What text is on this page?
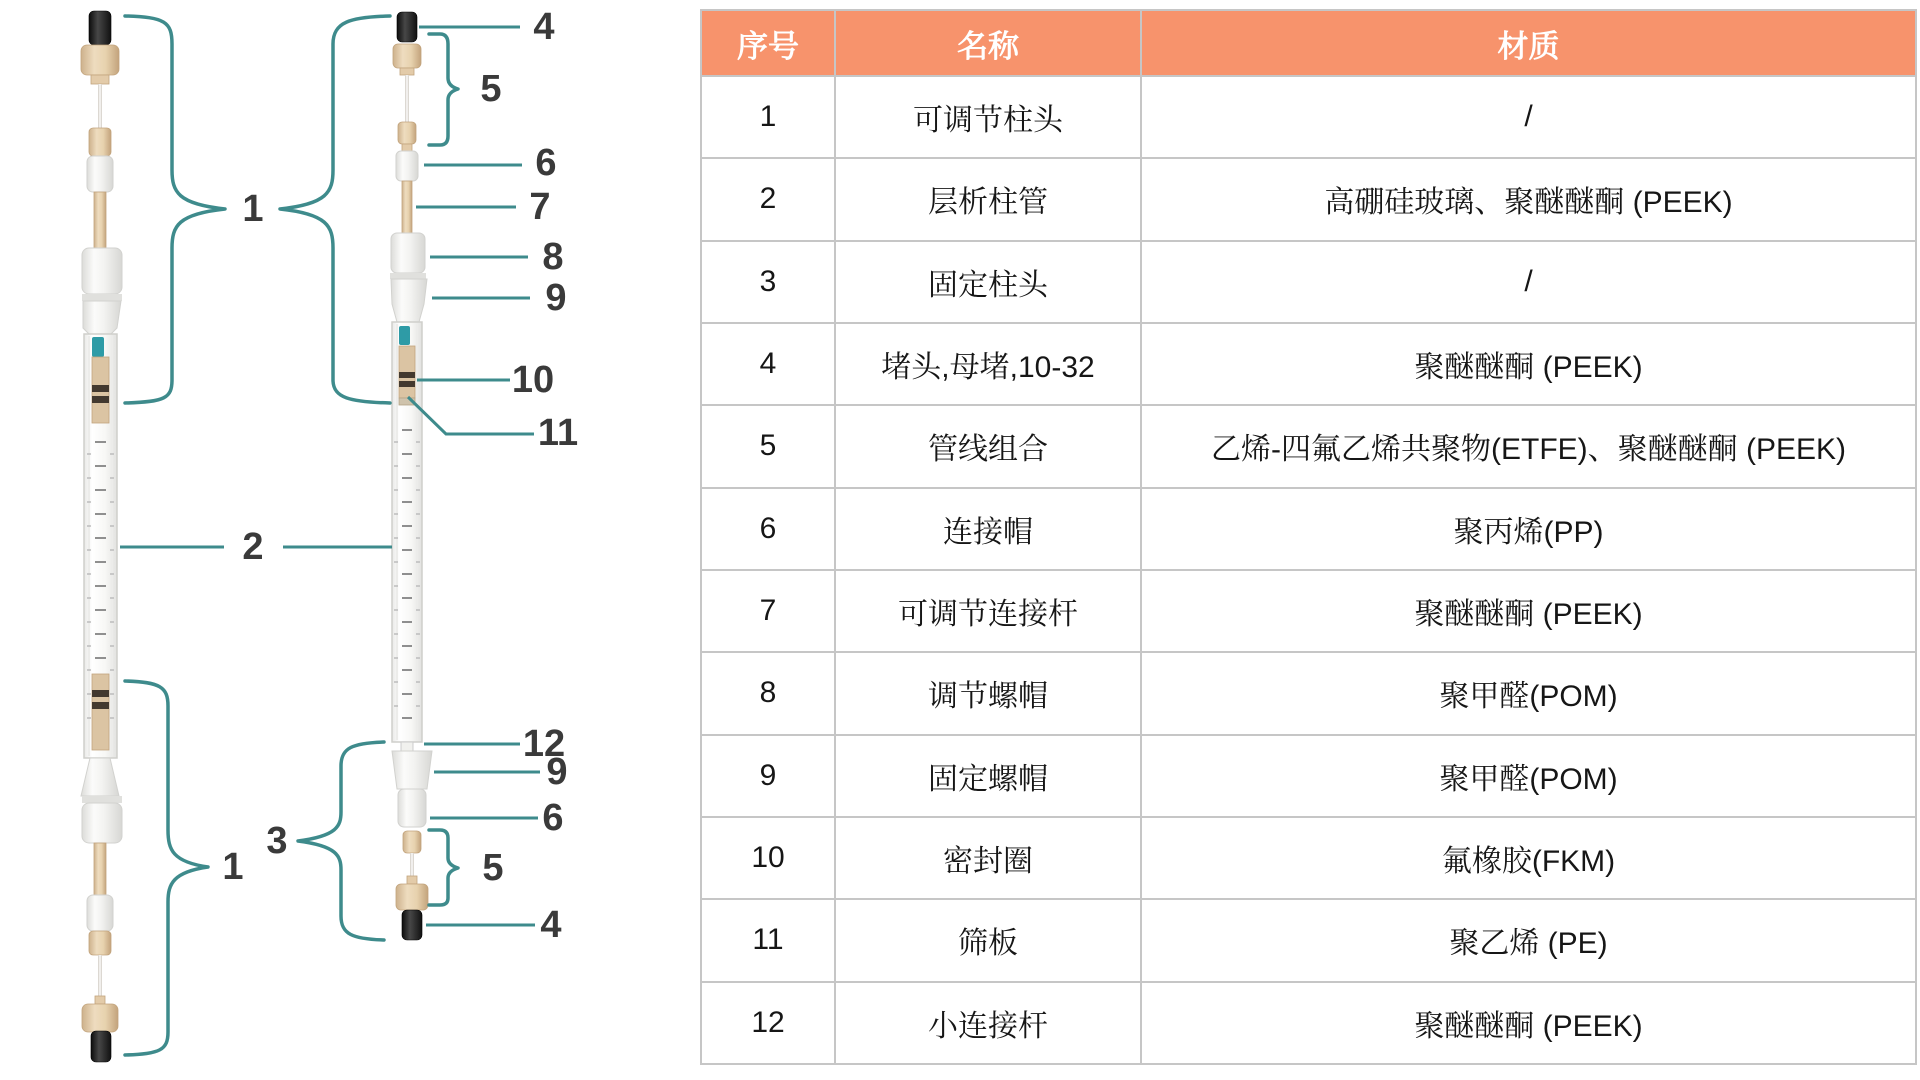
1
2
1
3
4
5
6
7
8
9
10
11
12
9
6
5
4
序号	名称	材质
1	可调节柱头	/
2	层析柱管	高硼硅玻璃、聚醚醚酮 (PEEK)
3	固定柱头	/
4	堵头,母堵,10-32	聚醚醚酮 (PEEK)
5	管线组合	乙烯-四氟乙烯共聚物(ETFE)、聚醚醚酮 (PEEK)
6	连接帽	聚丙烯(PP)
7	可调节连接杆	聚醚醚酮 (PEEK)
8	调节螺帽	聚甲醛(POM)
9	固定螺帽	聚甲醛(POM)
10	密封圈	氟橡胶(FKM)
11	筛板	聚乙烯 (PE)
12	小连接杆	聚醚醚酮 (PEEK)
